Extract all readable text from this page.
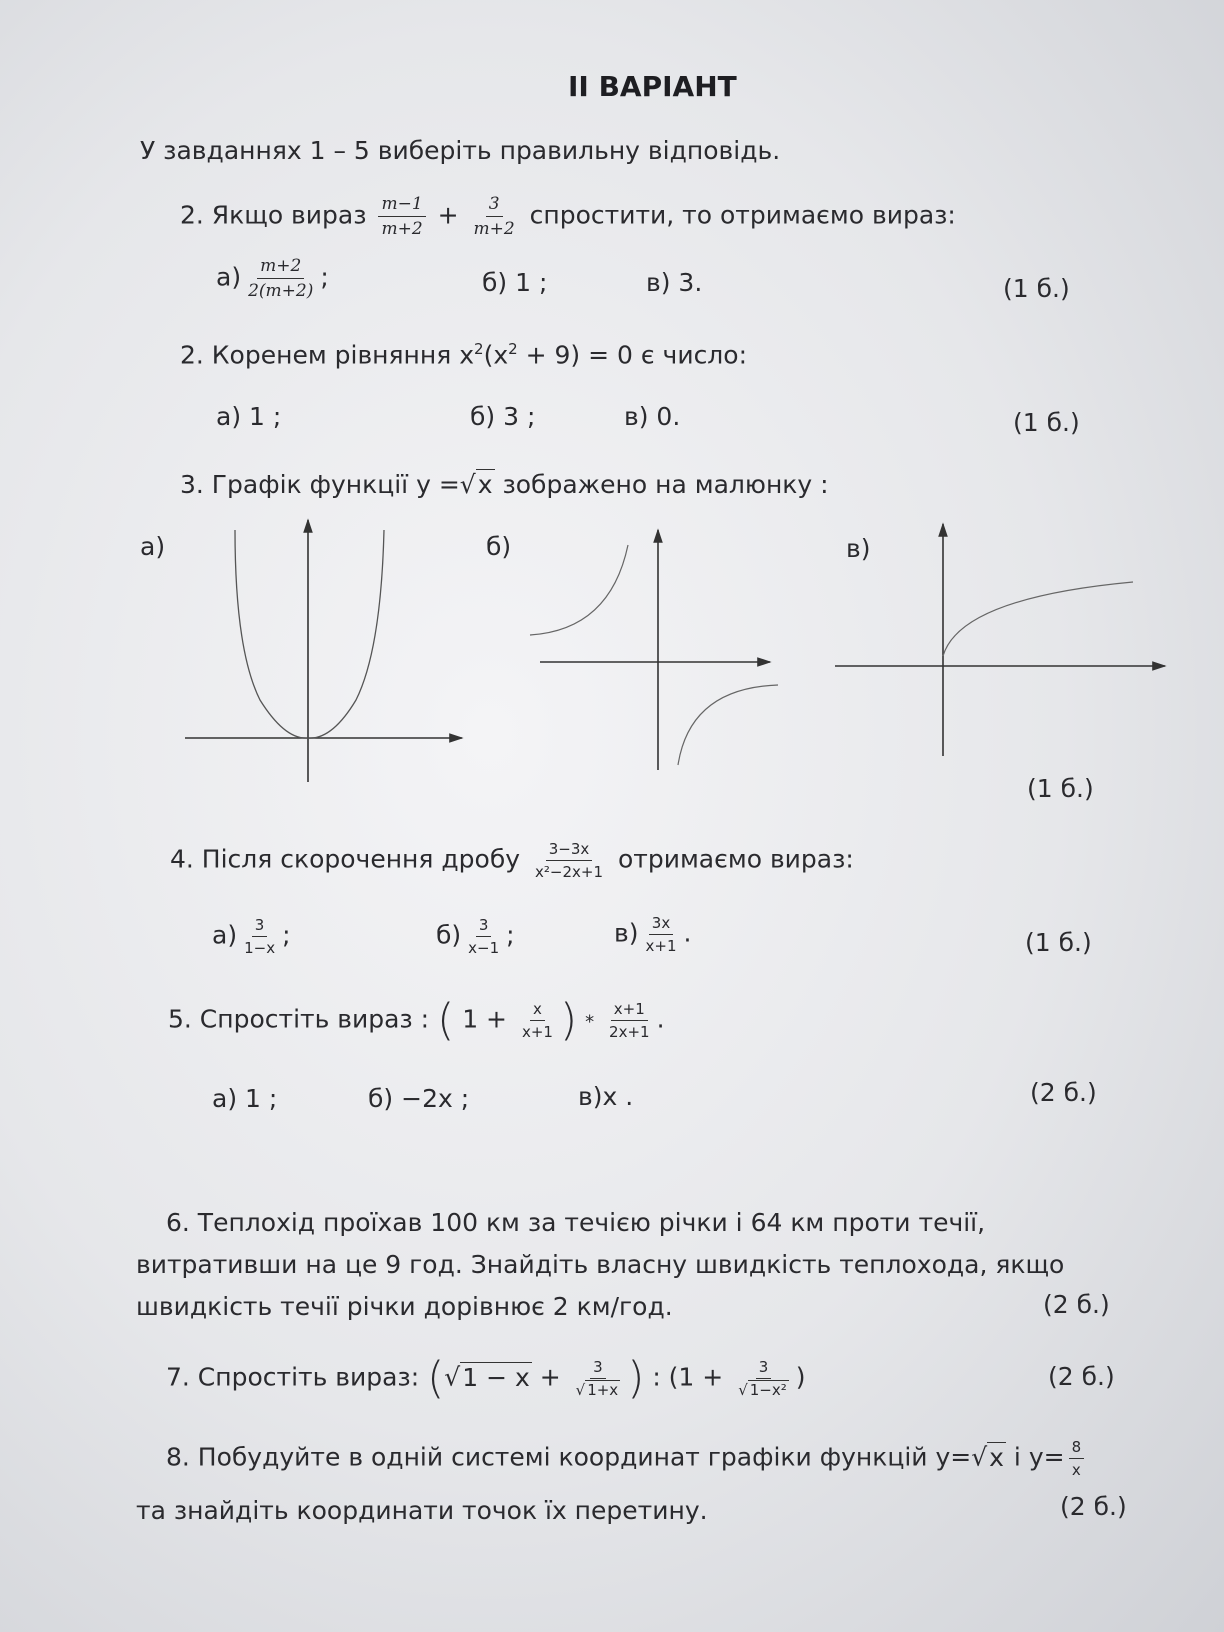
II ВАРІАНТ
У завданнях 1 – 5 виберіть правильну відповідь.
2. Якщо вираз $\frac{m-1}{m+2} + \frac{3}{m+2}$ спростити, то отримаємо вираз:
$а) \frac{m+2}{2(m+2)}$ ;	б) 1 ;	в) 3.	(1 б.)
2. Коренем рівняння $x^2(x^2 + 9) = 0$ є число:
а) 1 ;	б) 3 ;	в) 0.	(1 б.)
3. Графік функції y =√x зображено на малюнку :
а)	б)	в)
(1 б.)
4. Після скорочення дробу $\frac{3-3x}{\text{x²−2x+1}}$ отримаємо вираз:
$а) \frac{3}{1-x}$ ;	$б) \frac{3}{x-1}$ ;	$в) \frac{3x}{x+1}$ .	(1 б.)
5. Спростіть вираз : ( $1 + \frac{x}{x+1}$ ) * $\frac{x+1}{2x+1}$ .
а) 1 ;	б) −2x ;	в)x .	(2 б.)
6. Теплохід проїхав 100 км за течією річки і 64 км проти течії,
витративши на це 9 год. Знайдіть власну швидкість теплохода, якщо
швидкість течії річки дорівнює 2 км/год.	(2 б.)
7. Спростіть вираз: ($√1 - x + \frac{3}{√ 1+x}$ ) : ($1 + \frac{3}{\text{√ 1−x²}}$ )	(2 б.)
8. Побудуйте в одній системі координат графіки функцій y=√x і $y= \frac{8}{x}$
та знайдіть координати точок їх перетину.	(2 б.)
